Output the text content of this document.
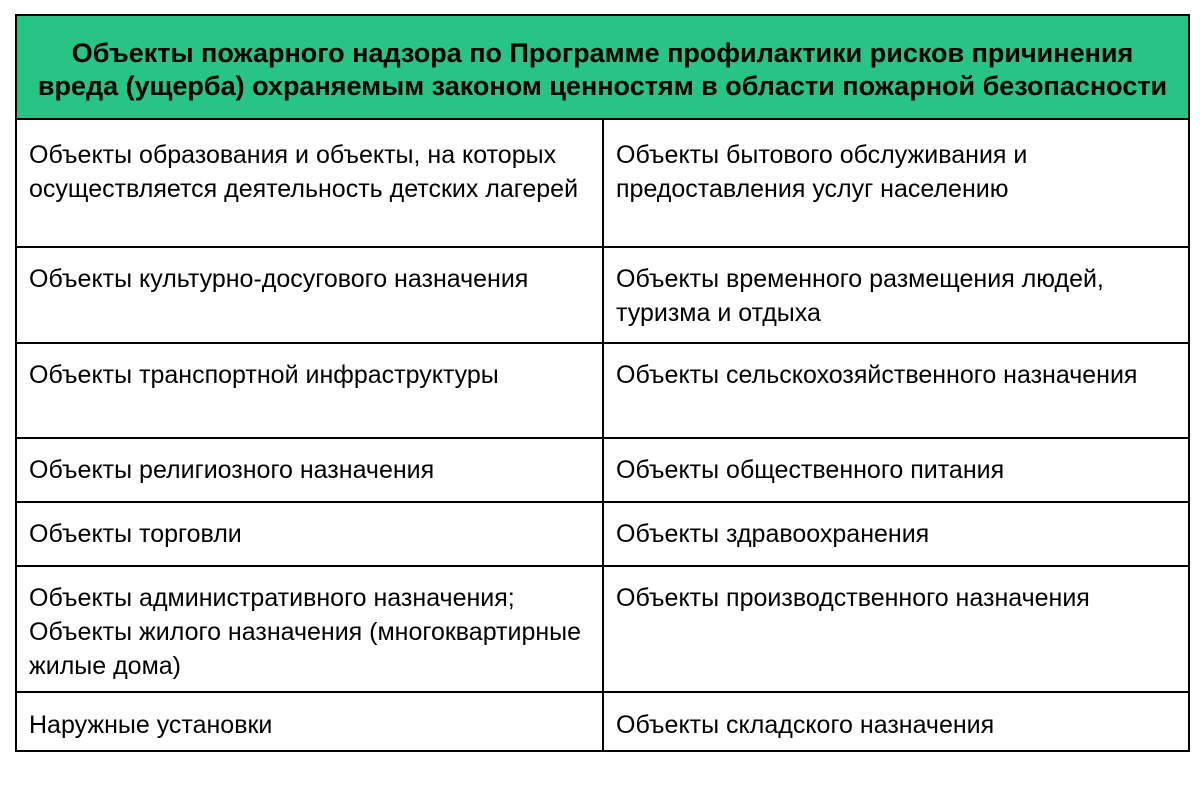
Объекты пожарного надзора по Программе профилактики рисков причинения вреда (ущерба) охраняемым законом ценностям в области пожарной безопасности	
Объекты образования и объекты, на которых осуществляется деятельность детских лагерей	Объекты бытового обслуживания и предоставления услуг населению
Объекты культурно-досугового назначения	Объекты временного размещения людей, туризма и отдыха
Объекты транспортной инфраструктуры	Объекты сельскохозяйственного назначения
Объекты религиозного назначения	Объекты общественного питания
Объекты торговли	Объекты здравоохранения
Объекты административного назначения; Объекты жилого назначения (многоквартирные жилые дома)	Объекты производственного назначения
Наружные установки	Объекты складского назначения
